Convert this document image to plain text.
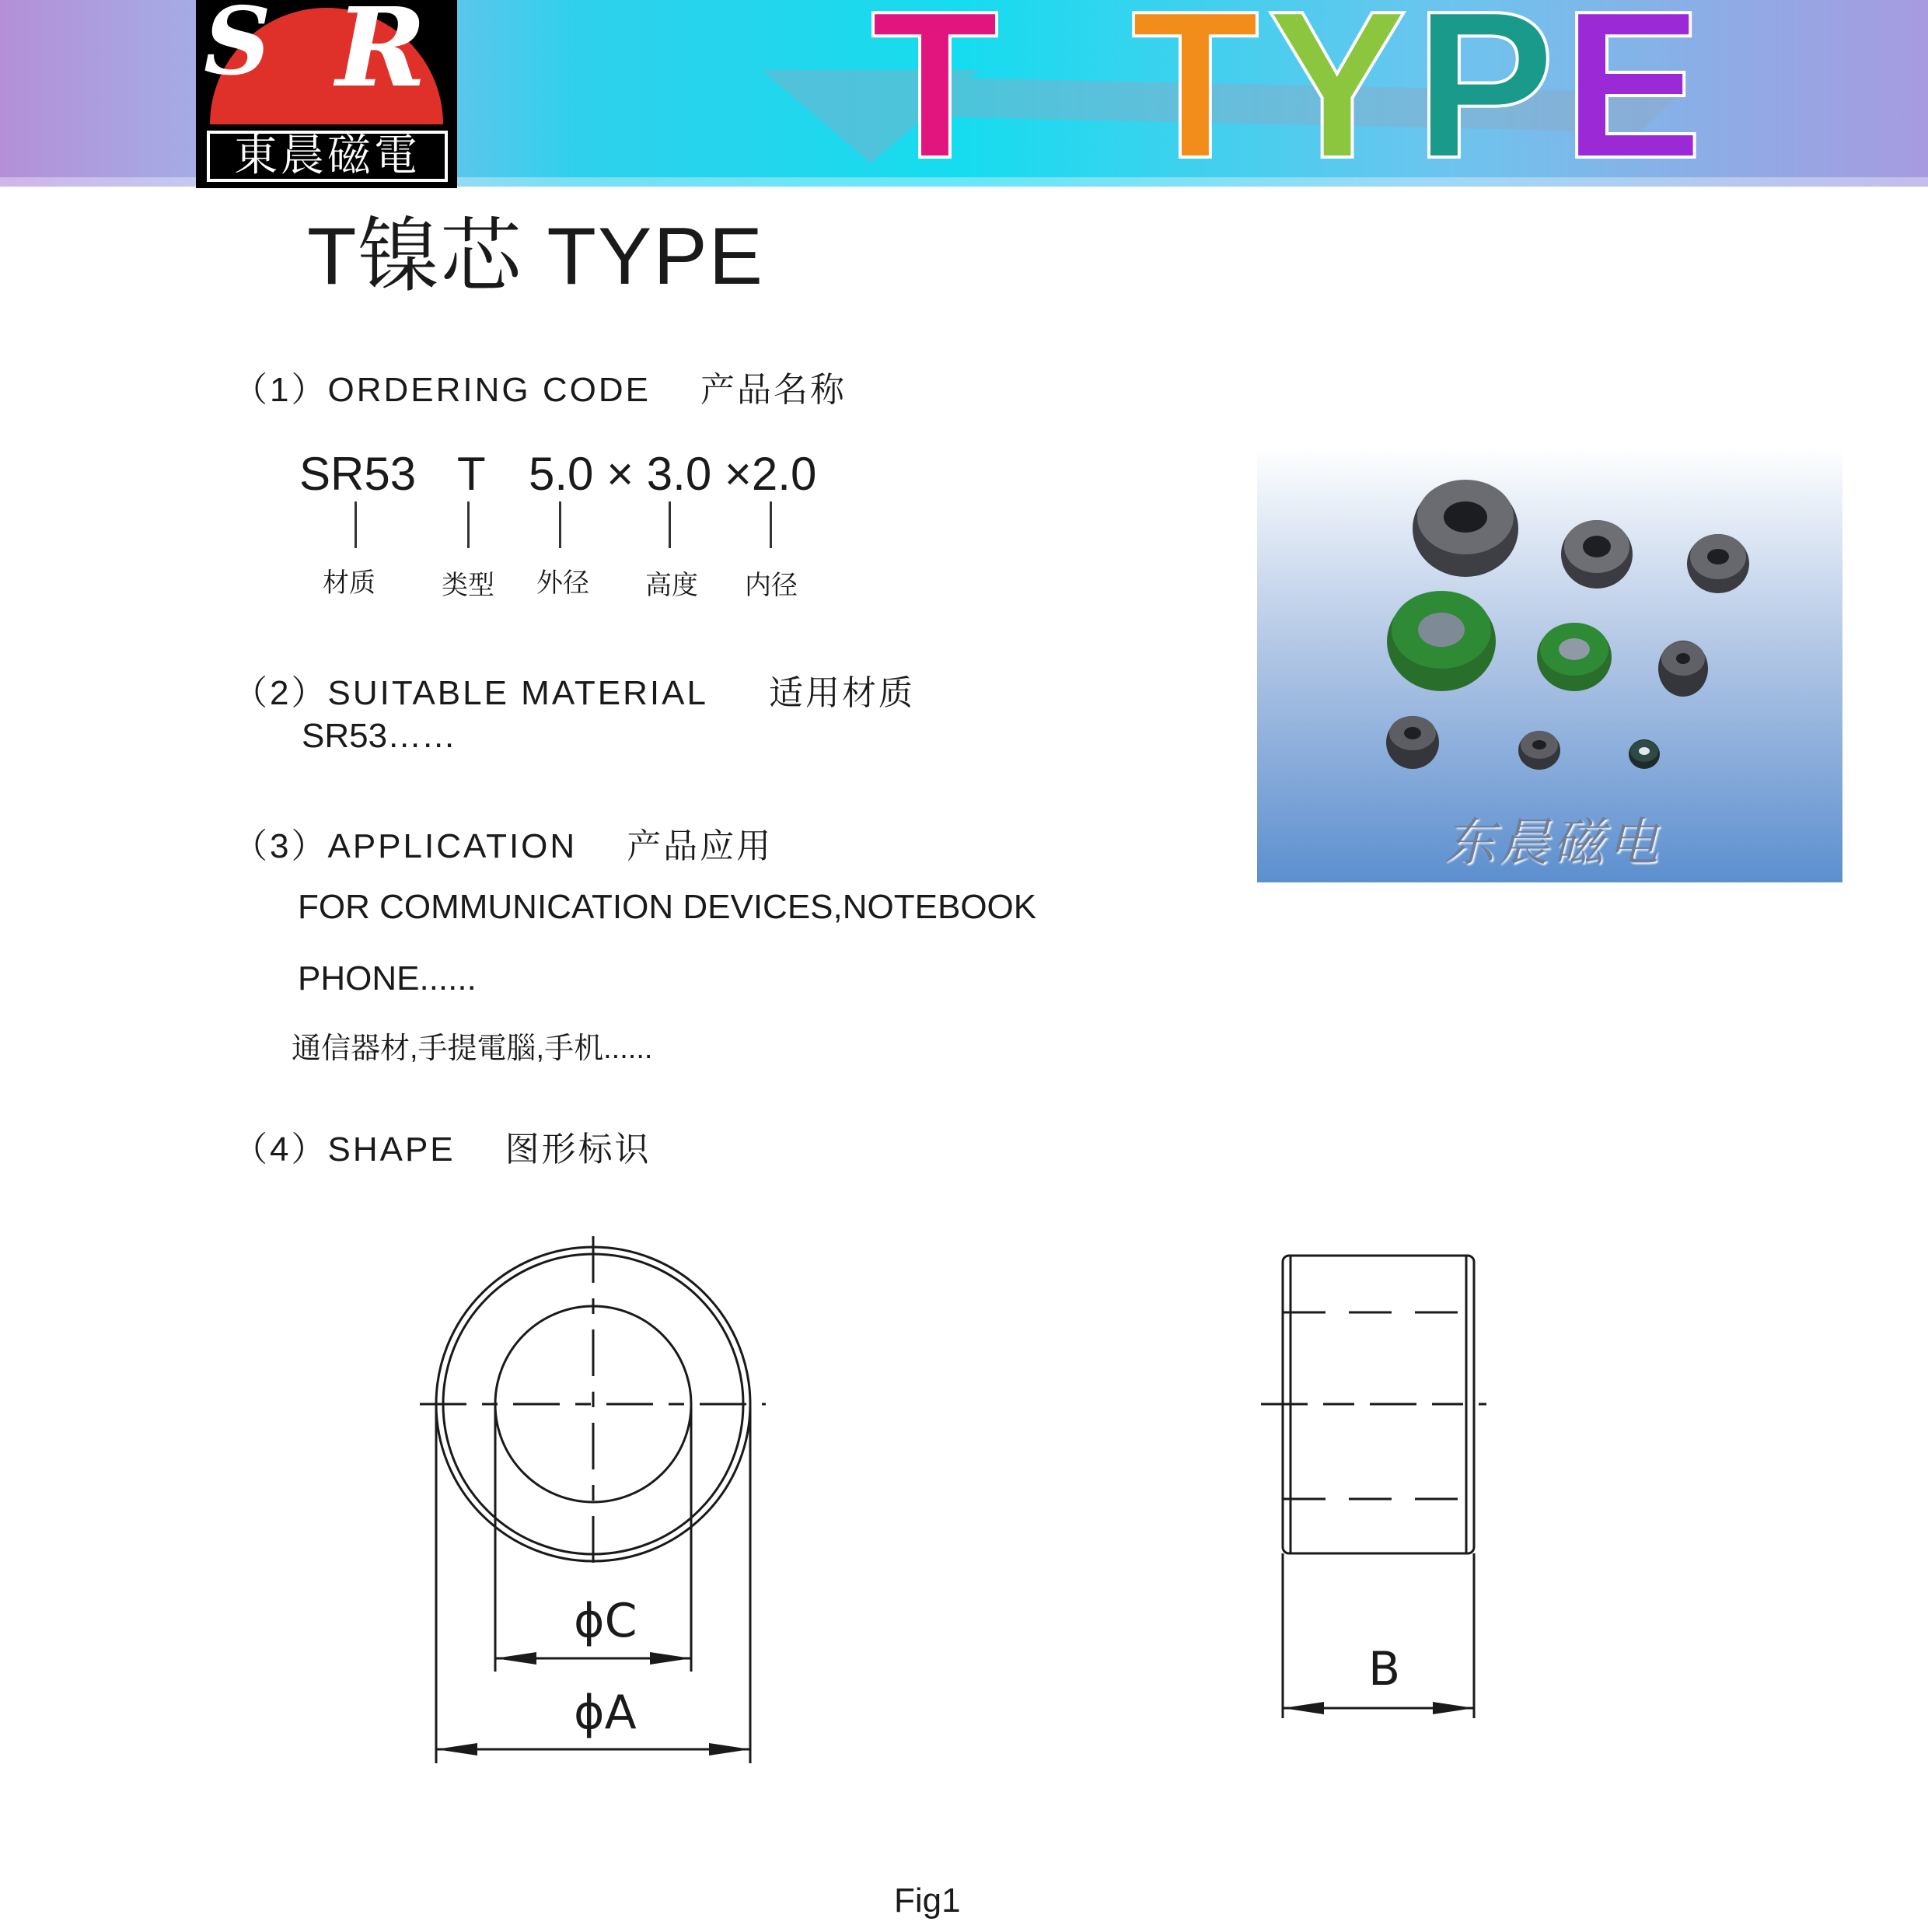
S R
東晨磁電 T TYPE
T镍芯 TYPE
（1）ORDERING CODE 产品名称
SR53 T 5.0 × 3.0 ×2.0
材质	类型 外径 高度 内径
（2）SUITABLE MATERIAL 适用材质
SR53……
（3）APPLICATION 产品应用
FOR COMMUNICATION DEVICES,NOTEBOOK
PHONE......
通信器材,手提電腦,手机......
（4）SHAPE 图形标识
东晨磁电
ϕC
ϕA
B
Fig1
